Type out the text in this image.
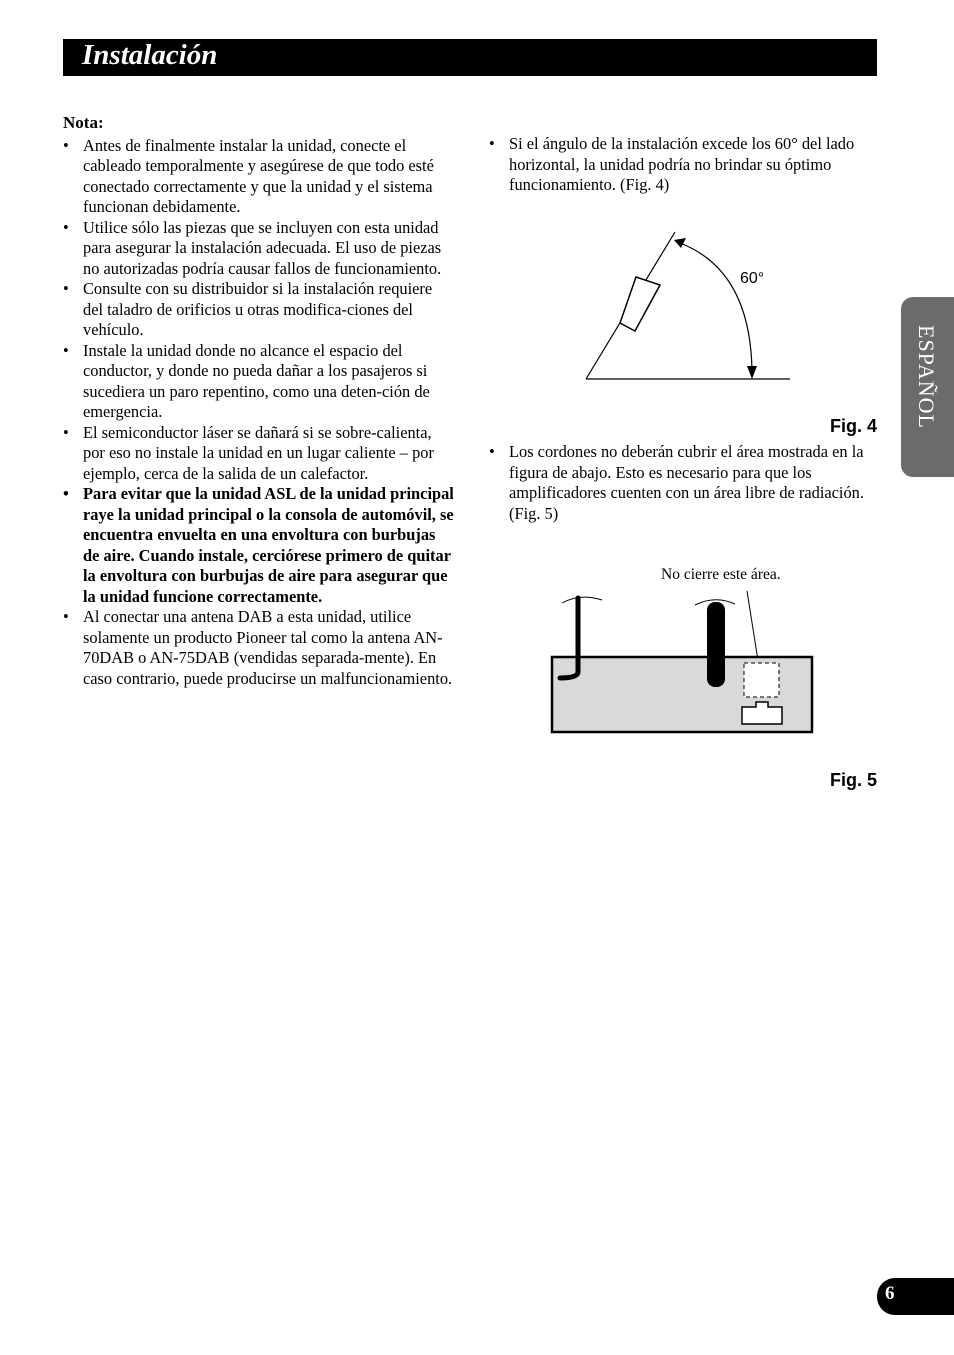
Instalación
ESPAÑOL
Nota:
• Antes de finalmente instalar la unidad, conecte el cableado temporalmente y asegúrese de que todo esté conectado correctamente y que la unidad y el sistema funcionan debidamente.
• Utilice sólo las piezas que se incluyen con esta unidad para asegurar la instalación adecuada. El uso de piezas no autorizadas podría causar fallos de funcionamiento.
• Consulte con su distribuidor si la instalación requiere del taladro de orificios u otras modifica-ciones del vehículo.
• Instale la unidad donde no alcance el espacio del conductor, y donde no pueda dañar a los pasajeros si sucediera un paro repentino, como una deten-ción de emergencia.
• El semiconductor láser se dañará si se sobre-calienta, por eso no instale la unidad en un lugar caliente – por ejemplo, cerca de la salida de un calefactor.
• Para evitar que la unidad ASL de la unidad principal raye la unidad principal o la consola de automóvil, se encuentra envuelta en una envoltura con burbujas de aire. Cuando instale, cerciórese primero de quitar la envoltura con burbujas de aire para asegurar que la unidad funcione correctamente.
• Al conectar una antena DAB a esta unidad, utilice solamente un producto Pioneer tal como la antena AN-70DAB o AN-75DAB (vendidas separada-mente). En caso contrario, puede producirse un malfuncionamiento.
• Si el ángulo de la instalación excede los 60° del lado horizontal, la unidad podría no brindar su óptimo funcionamiento. (Fig. 4)
60°
Fig. 4
• Los cordones no deberán cubrir el área mostrada en la figura de abajo. Esto es necesario para que los amplificadores cuenten con un área libre de radiación. (Fig. 5)
No cierre este área.
Fig. 5
6
